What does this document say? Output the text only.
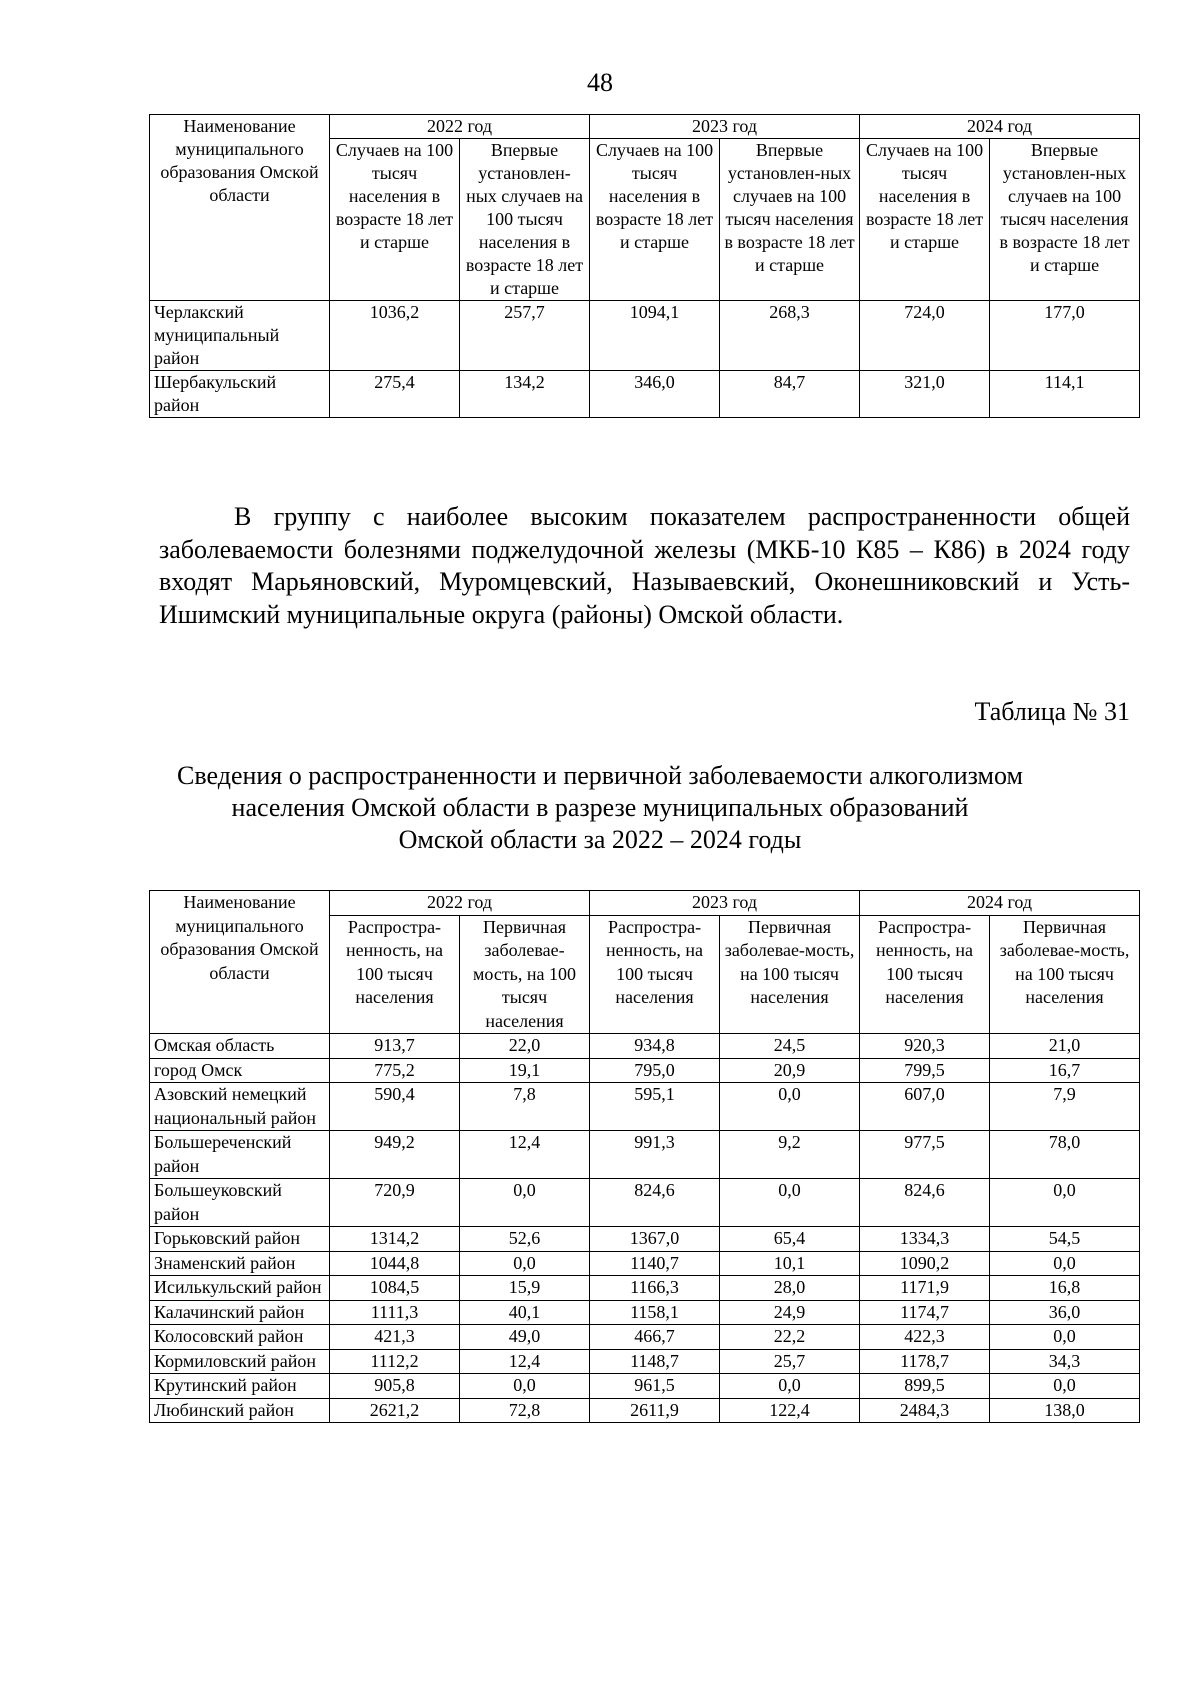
48
Наименование муниципального образования Омской области	2022 год		2023 год		2024 год	
	Случаев на 100 тысяч населения в возрасте 18 лет и старше	Впервые установлен-ных случаев на 100 тысяч населения в возрасте 18 лет и старше	Случаев на 100 тысяч населения в возрасте 18 лет и старше	Впервые установлен-ных случаев на 100 тысяч населения в возрасте 18 лет и старше	Случаев на 100 тысяч населения в возрасте 18 лет и старше	Впервые установлен-ных случаев на 100 тысяч населения в возрасте 18 лет и старше
Черлакский муниципальный район	1036,2	257,7	1094,1	268,3	724,0	177,0
Шербакульский район	275,4	134,2	346,0	84,7	321,0	114,1

В группу с наиболее высоким показателем распространенности общей заболеваемости болезнями поджелудочной железы (МКБ-10 К85 – К86) в 2024 году входят Марьяновский, Муромцевский, Называевский, Оконешниковский и Усть-Ишимский муниципальные округа (районы) Омской области.

Таблица № 31
Сведения о распространенности и первичной заболеваемости алкоголизмом
населения Омской области в разрезе муниципальных образований
Омской области за 2022 – 2024 годы
Наименование муниципального образования Омской области	2022 год		2023 год		2024 год	
	Распростра-ненность, на 100 тысяч населения	Первичная заболевае-мость, на 100 тысяч населения	Распростра-ненность, на 100 тысяч населения	Первичная заболевае-мость, на 100 тысяч населения	Распростра-ненность, на 100 тысяч населения	Первичная заболевае-мость, на 100 тысяч населения
Омская область	913,7	22,0	934,8	24,5	920,3	21,0
город Омск	775,2	19,1	795,0	20,9	799,5	16,7
Азовский немецкий национальный район	590,4	7,8	595,1	0,0	607,0	7,9
Большереченский район	949,2	12,4	991,3	9,2	977,5	78,0
Большеуковский район	720,9	0,0	824,6	0,0	824,6	0,0
Горьковский район	1314,2	52,6	1367,0	65,4	1334,3	54,5
Знаменский район	1044,8	0,0	1140,7	10,1	1090,2	0,0
Исилькульский район	1084,5	15,9	1166,3	28,0	1171,9	16,8
Калачинский район	1111,3	40,1	1158,1	24,9	1174,7	36,0
Колосовский район	421,3	49,0	466,7	22,2	422,3	0,0
Кормиловский район	1112,2	12,4	1148,7	25,7	1178,7	34,3
Крутинский район	905,8	0,0	961,5	0,0	899,5	0,0
Любинский район	2621,2	72,8	2611,9	122,4	2484,3	138,0
